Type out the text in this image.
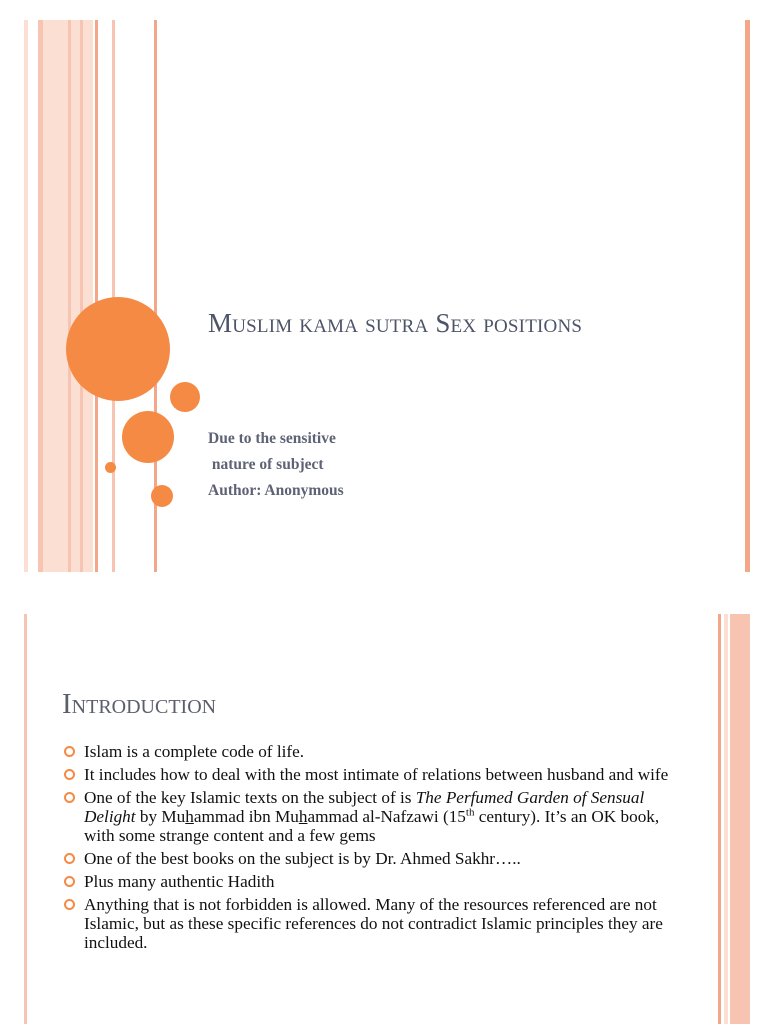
Muslim kama sutra Sex positions
Due to the sensitive
nature of subject
Author: Anonymous
Introduction
Islam is a complete code of life.
It includes how to deal with the most intimate of relations between husband and wife
One of the key Islamic texts on the subject of is The Perfumed Garden of Sensual Delight by Muhammad ibn Muhammad al-Nafzawi (15th century). It’s an OK book, with some strange content and a few gems
One of the best books on the subject is by Dr. Ahmed Sakhr…..
Plus many authentic Hadith
Anything that is not forbidden is allowed. Many of the resources referenced are not Islamic, but as these specific references do not contradict Islamic principles they are included.
